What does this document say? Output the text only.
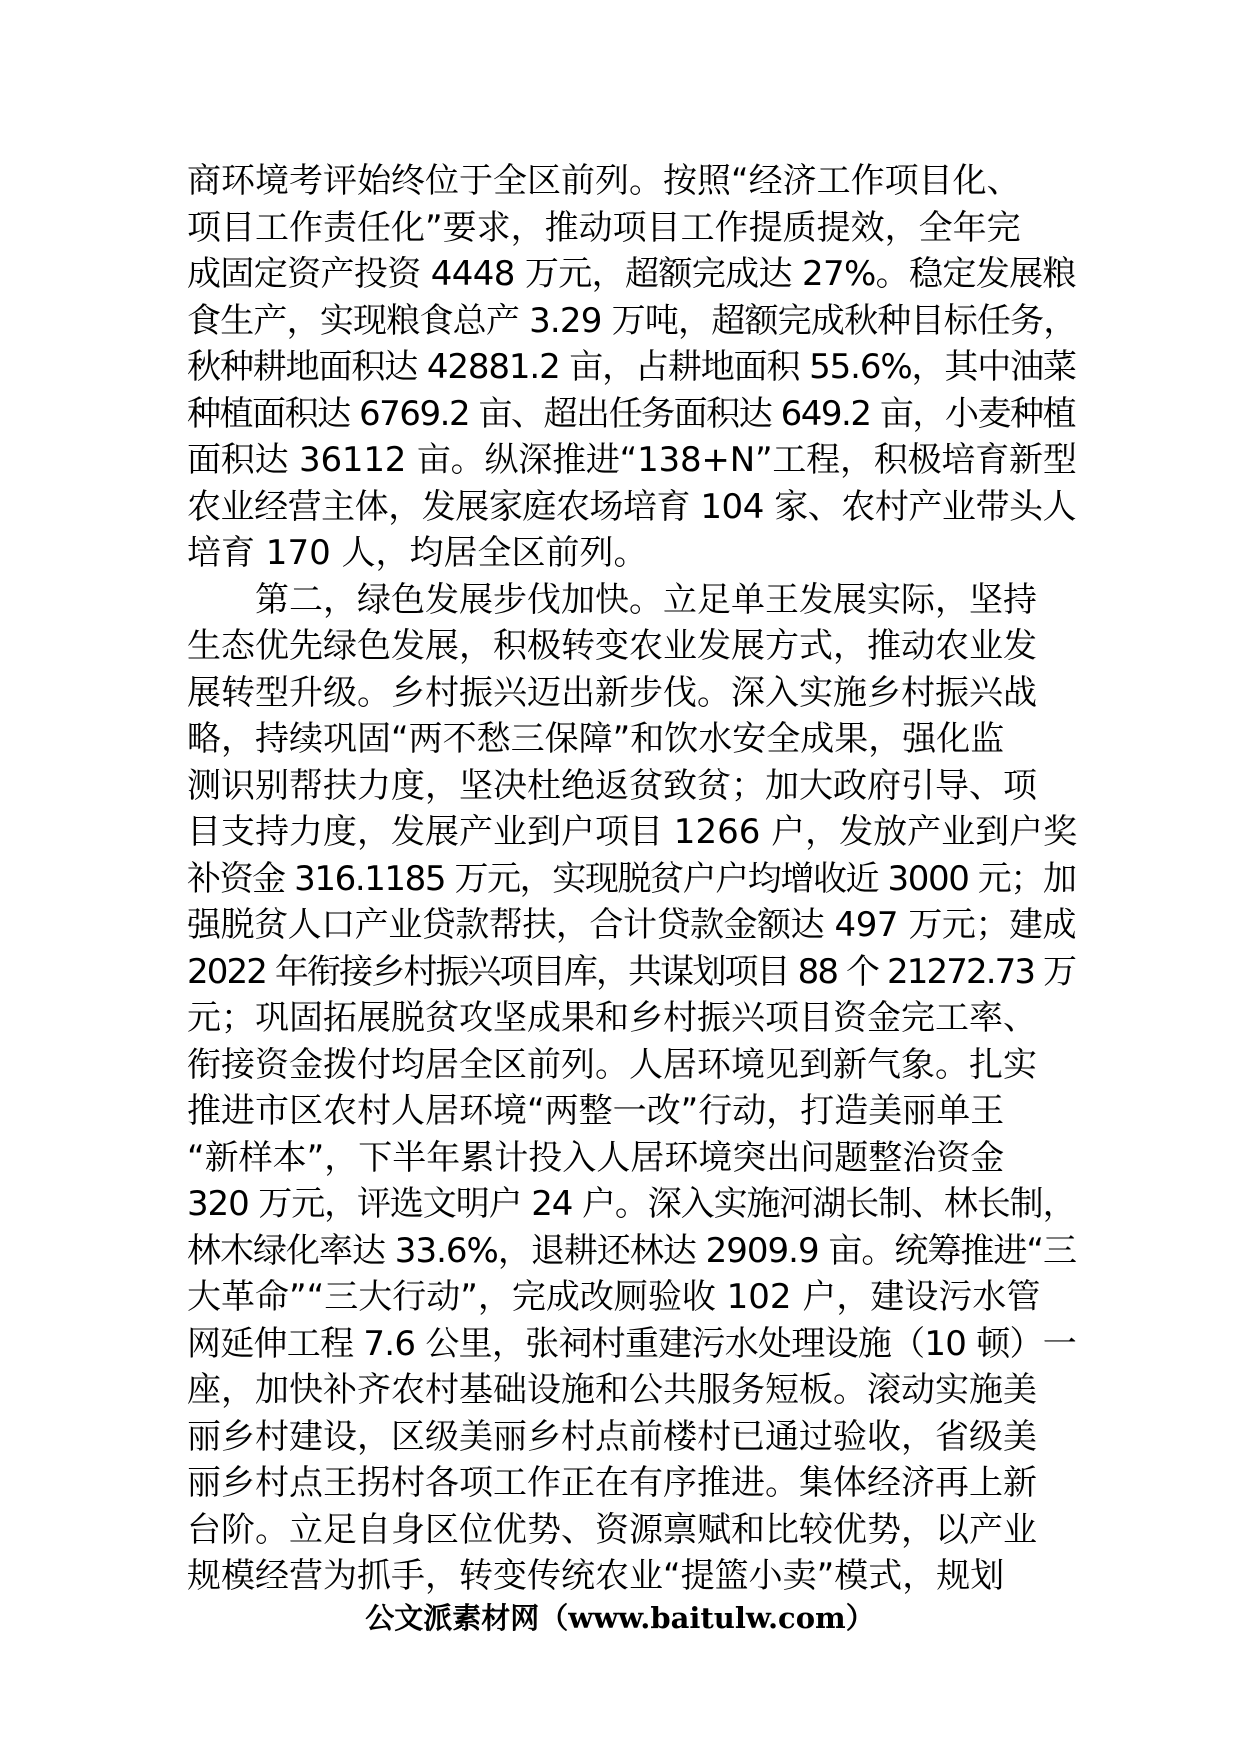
商环境考评始终位于全区前列。按照“经济工作项目化、
项目工作责任化”要求，推动项目工作提质提效，全年完
成固定资产投资 4448 万元，超额完成达 27%。稳定发展粮
食生产，实现粮食总产 3.29 万吨，超额完成秋种目标任务，
秋种耕地面积达 42881.2 亩，占耕地面积 55.6%，其中油菜
种植面积达 6769.2 亩、超出任务面积达 649.2 亩，小麦种植
面积达 36112 亩。纵深推进“138+N”工程，积极培育新型
农业经营主体，发展家庭农场培育 104 家、农村产业带头人
培育 170 人，均居全区前列。
第二，绿色发展步伐加快。立足单王发展实际，坚持
生态优先绿色发展，积极转变农业发展方式，推动农业发
展转型升级。乡村振兴迈出新步伐。深入实施乡村振兴战
略，持续巩固“两不愁三保障”和饮水安全成果，强化监
测识别帮扶力度，坚决杜绝返贫致贫；加大政府引导、项
目支持力度，发展产业到户项目 1266 户，发放产业到户奖
补资金 316.1185 万元，实现脱贫户户均增收近 3000 元；加
强脱贫人口产业贷款帮扶，合计贷款金额达 497 万元；建成
2022 年衔接乡村振兴项目库，共谋划项目 88 个 21272.73 万
元；巩固拓展脱贫攻坚成果和乡村振兴项目资金完工率、
衔接资金拨付均居全区前列。人居环境见到新气象。扎实
推进市区农村人居环境“两整一改”行动，打造美丽单王
“新样本”，下半年累计投入人居环境突出问题整治资金
320 万元，评选文明户 24 户。深入实施河湖长制、林长制，
林木绿化率达 33.6%，退耕还林达 2909.9 亩。统筹推进“三
大革命”“三大行动”，完成改厕验收 102 户，建设污水管
网延伸工程 7.6 公里，张祠村重建污水处理设施（10 顿）一
座，加快补齐农村基础设施和公共服务短板。滚动实施美
丽乡村建设，区级美丽乡村点前楼村已通过验收，省级美
丽乡村点王拐村各项工作正在有序推进。集体经济再上新
台阶。立足自身区位优势、资源禀赋和比较优势，以产业
规模经营为抓手，转变传统农业“提篮小卖”模式，规划
公文派素材网（www.baitulw.com）
